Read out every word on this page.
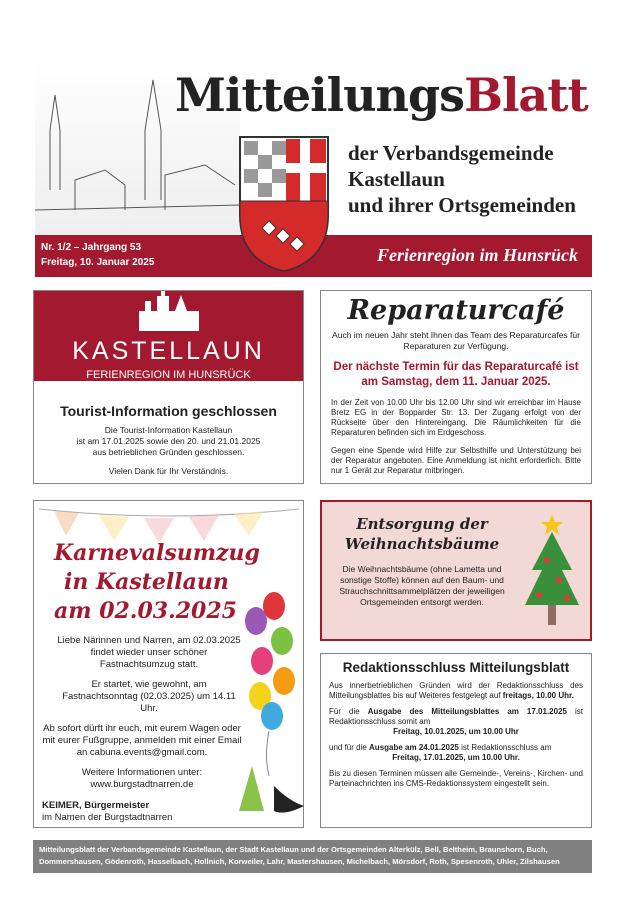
MitteilungsBlatt
der Verbandsgemeinde
Kastellaun
und ihrer Ortsgemeinden
Nr. 1/2 – Jahrgang 53
Freitag, 10. Januar 2025	Ferienregion im Hunsrück
KASTELLAUN
FERIENREGION IM HUNSRÜCK
Tourist-Information geschlossen
Die Tourist-Information Kastellaun
ist am 17.01.2025 sowie den 20. und 21.01.2025
aus betrieblichen Gründen geschlossen.
Vielen Dank für Ihr Verständnis.
Reparaturcafé
Auch im neuen Jahr steht Ihnen das Team des Reparaturcafes für Reparaturen zur Verfügung.
Der nächste Termin für das Reparaturcafé ist am Samstag, dem 11. Januar 2025.
In der Zeit von 10.00 Uhr bis 12.00 Uhr sind wir erreichbar im Hause Bretz EG in der Bopparder Str. 13. Der Zugang erfolgt von der Rückseite über den Hintereingang. Die Räumlichkeiten für die Reparaturen befinden sich im Erdgeschoss.
Gegen eine Spende wird Hilfe zur Selbsthilfe und Unterstützung bei der Reparatur angeboten. Eine Anmeldung ist nicht erforderlich. Bitte nur 1 Gerät zur Reparatur mitbringen.
Karnevalsumzug
in Kastellaun
am 02.03.2025
Liebe Närinnen und Narren, am 02.03.2025 findet wieder unser schöner Fastnachtsumzug statt.
Er startet, wie gewohnt, am Fastnachtsonntag (02.03.2025) um 14.11 Uhr.
Ab sofort dürft ihr euch, mit eurem Wagen oder mit eurer Fußgruppe, anmelden mit einer Email an cabuna.events@gmail.com.
Weitere Informationen unter:
www.burgstadtnarren.de
KEIMER, Bürgermeister
im Namen der Burgstadtnarren
Entsorgung der Weihnachtsbäume
Die Weihnachtsbäume (ohne Lametta und sonstige Stoffe) können auf den Baum- und Strauchschnittsammelplätzen der jeweiligen Ortsgemeinden entsorgt werden.
Redaktionsschluss Mitteilungsblatt
Aus innerbetrieblichen Gründen wird der Redaktionsschluss des Mitteilungsblattes bis auf Weiteres festgelegt auf freitags, 10.00 Uhr.
Für die Ausgabe des Mitteilungsblattes am 17.01.2025 ist Redaktionsschluss somit am
Freitag, 10.01.2025, um 10.00 Uhr
und für die Ausgabe am 24.01.2025 ist Redaktionsschluss am
Freitag, 17.01.2025, um 10.00 Uhr.
Bis zu diesen Terminen müssen alle Gemeinde-, Vereins-, Kirchen- und Parteinachrichten ins CMS-Redaktionssystem eingestellt sein.
Mitteilungsblatt der Verbandsgemeinde Kastellaun, der Stadt Kastellaun und der Ortsgemeinden Alterkülz, Bell, Beltheim, Braunshorn, Buch, Dommershausen, Gödenroth, Hasselbach, Hollnich, Korweiler, Lahr, Mastershausen, Michelbach, Mörsdorf, Roth, Spesenroth, Uhler, Zilshausen
